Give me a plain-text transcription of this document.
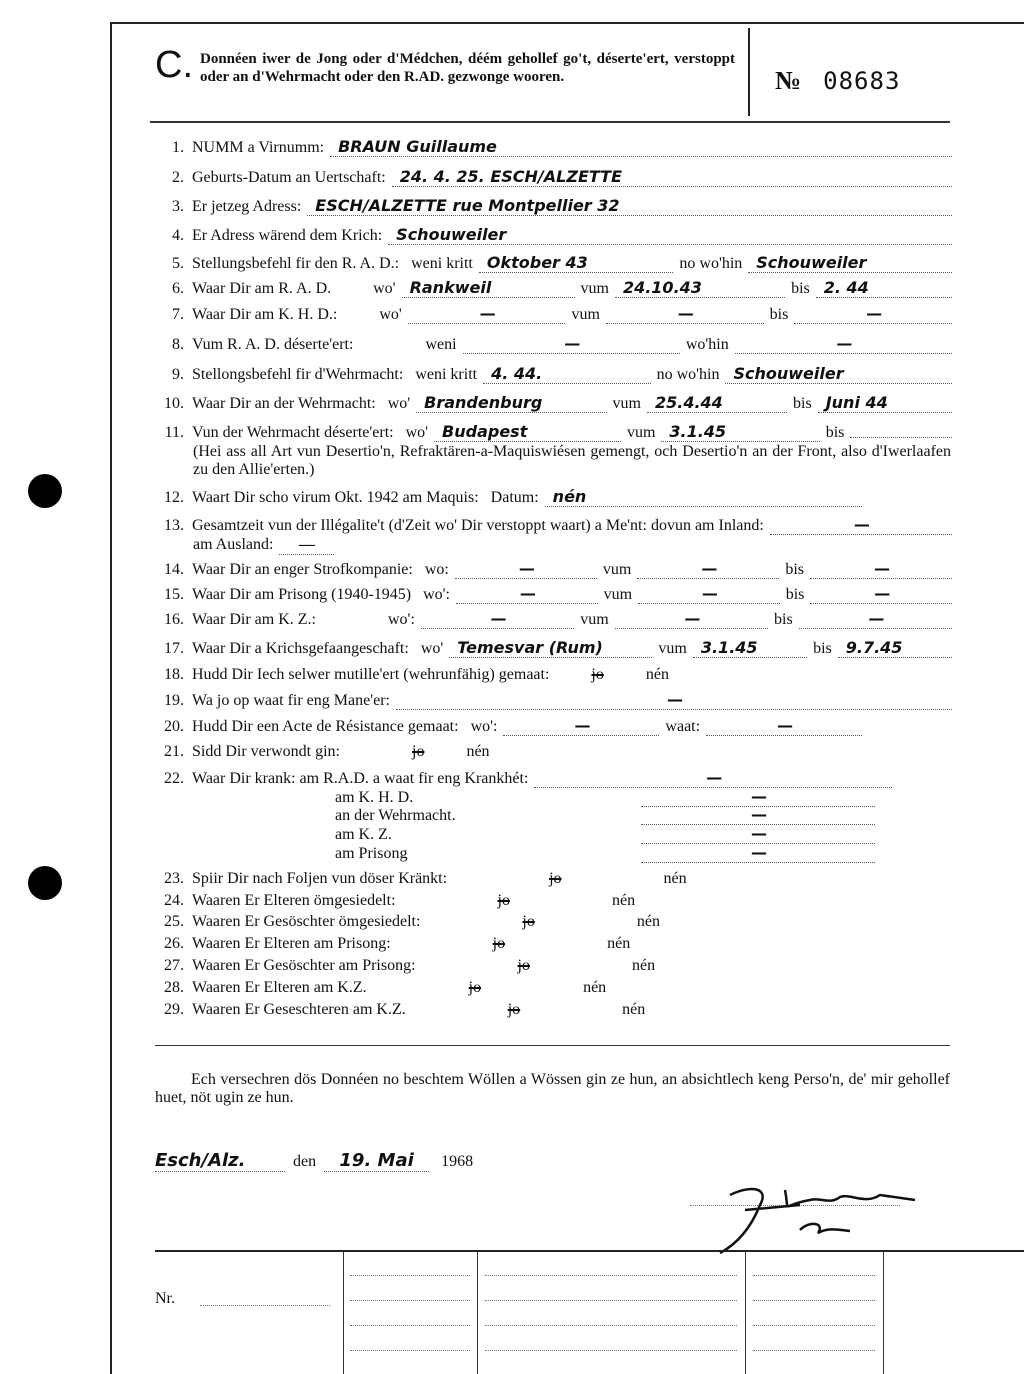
C. Donnéen iwer de Jong oder d'Médchen, déém gehollef go't, déserte'ert, verstoppt oder an d'Wehrmacht oder den R.AD. gezwonge wooren.	№ 08683
1. NUMM a Virnumm: BRAUN Guillaume
2. Geburts-Datum an Uertschaft: 24. 4. 25. ESCH/ALZETTE
3. Er jetzeg Adress: ESCH/ALZETTE rue Montpellier 32
4. Er Adress wärend dem Krich: Schouweiler
5. Stellungsbefehl fir den R. A. D.: weni kritt Oktober 43	no wo'hin Schouweiler
6. Waar Dir am R. A. D.	wo' Rankweil	vum 24.10.43	bis 2. 44
7. Waar Dir am K. H. D.:	wo'	—	vum	—	bis	—
8. Vum R. A. D. déserte'ert:	weni	—	wo'hin	—
9. Stellongsbefehl fir d'Wehrmacht: weni kritt 4. 44.	no wo'hin Schouweiler
10. Waar Dir an der Wehrmacht: wo' Brandenburg	vum 25.4.44	bis Juni 44
11. Vun der Wehrmacht déserte'ert: wo' Budapest	vum 3.1.45	bis
12. Waart Dir scho virum Okt. 1942 am Maquis: Datum: nén
13. Gesamtzeit vun der Illégalite't (d'Zeit wo' Dir verstoppt waart) a Me'nt: dovun am Inland:	—
14. Waar Dir an enger Strofkompanie: wo:	—	vum	—	bis	—
15. Waar Dir am Prisong (1940-1945) wo':	—	vum	—	bis	—
16. Waar Dir am K. Z.:	wo':	—	vum	—	bis	—
17. Waar Dir a Krichsgefaangeschaft: wo' Temesvar (Rum)	vum 3.1.45	bis 9.7.45
18. Hudd Dir Iech selwer mutille'ert (wehrunfähig) gemaat:	jo	nén
19. Wa jo op waat fir eng Mane'er:	—
20. Hudd Dir een Acte de Résistance gemaat: wo':	—	waat:	—
21. Sidd Dir verwondt gin:	jo	nén
22. Waar Dir krank: am R.A.D. a waat fir eng Krankhét:	—
23. Spiir Dir nach Foljen vun döser Kränkt:	jo	nén
24. Waaren Er Elteren ömgesiedelt:	jo	nén
25. Waaren Er Gesöschter ömgesiedelt:	jo	nén
26. Waaren Er Elteren am Prisong:	jo	nén
27. Waaren Er Gesöschter am Prisong:	jo	nén
28. Waaren Er Elteren am K.Z.	jo	nén
29. Waaren Er Geseschteren am K.Z.	jo	nén
(Hei ass all Art vun Desertio'n, Refraktären-a-Maquiswiésen gemengt, och Desertio'n an der Front, also d'Iwerlaafen zu den Allie'erten.)
am Ausland:	—
am K. H. D.	—
an der Wehrmacht.	—
am K. Z.	—
am Prisong	—
Ech versechren dös Donnéen no beschtem Wöllen a Wössen gin ze hun, an absichtlech keng Perso'n, de' mir gehollef huet, nöt ugin ze hun.
Esch/Alz.	den	19. Mai	1968
Nr.
